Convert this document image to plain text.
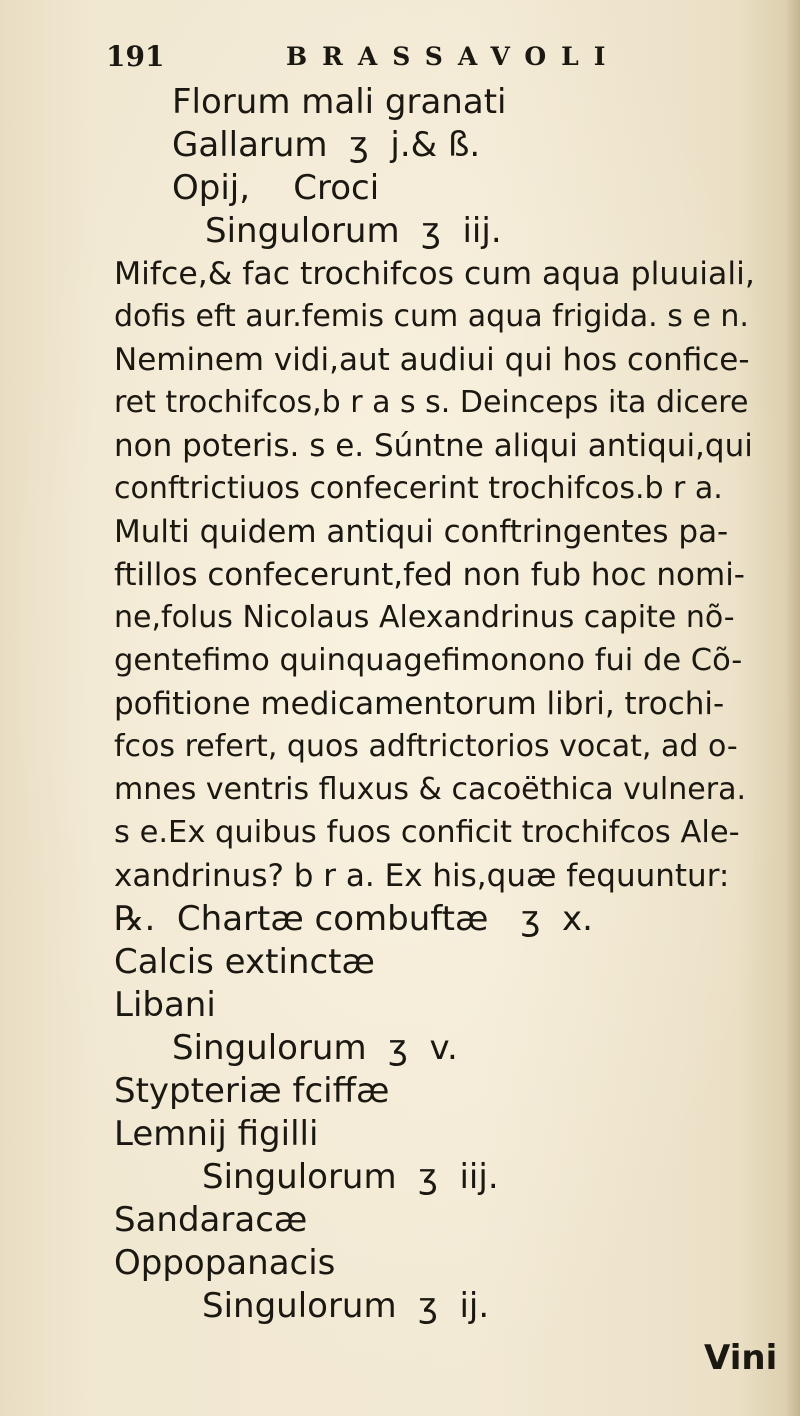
191	BRASSAVOLI
Florum mali granati
Gallarum  ʒ  j.& ß.
Opij,    Croci
Singulorum  ʒ  iij.
Mifce,& fac trochifcos cum aqua pluuiali,
dofis eft aur.femis cum aqua frigida. s e n.
Neminem vidi,aut audiui qui hos confice-
ret trochifcos,b r a s s. Deinceps ita dicere
non poteris. s e. Súntne aliqui antiqui,qui
conftrictiuos confecerint trochifcos.b r a.
Multi quidem antiqui conftringentes pa-
ftillos confecerunt,fed non fub hoc nomi-
ne,folus Nicolaus Alexandrinus capite nõ-
gentefimo quinquagefimonono fui de Cõ-
pofitione medicamentorum libri, trochi-
fcos refert, quos adftrictorios vocat, ad o-
mnes ventris fluxus & cacoëthica vulnera.
s e.Ex quibus fuos conficit trochifcos Ale-
xandrinus? b r a. Ex his,quæ fequuntur:
℞.  Chartæ combuftæ   ʒ  x.
Calcis extinctæ
Libani
Singulorum  ʒ  v.
Stypteriæ fciffæ
Lemnij figilli
Singulorum  ʒ  iij.
Sandaracæ
Oppopanacis
Singulorum  ʒ  ij.
Vini
